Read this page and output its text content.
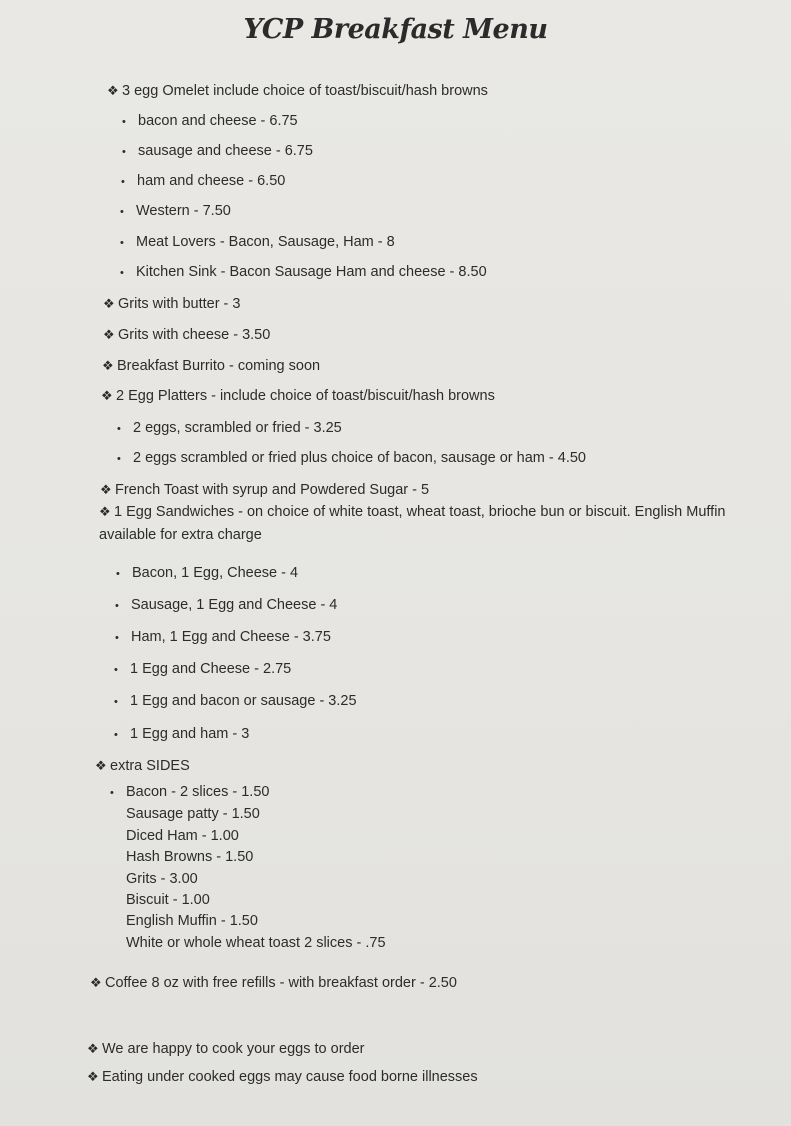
YCP Breakfast Menu
❖ 3 egg Omelet include choice of toast/biscuit/hash browns
• bacon and cheese - 6.75
• sausage and cheese - 6.75
• ham and cheese - 6.50
• Western - 7.50
• Meat Lovers - Bacon, Sausage, Ham - 8
• Kitchen Sink - Bacon Sausage Ham and cheese - 8.50
❖ Grits with butter - 3
❖ Grits with cheese - 3.50
❖ Breakfast Burrito - coming soon
❖ 2 Egg Platters - include choice of toast/biscuit/hash browns
• 2 eggs, scrambled or fried - 3.25
• 2 eggs scrambled or fried plus choice of bacon, sausage or ham - 4.50
❖ French Toast with syrup and Powdered Sugar - 5
❖ 1 Egg Sandwiches - on choice of white toast, wheat toast, brioche bun or biscuit. English Muffin available for extra charge
• Bacon, 1 Egg, Cheese - 4
• Sausage, 1 Egg and Cheese - 4
• Ham, 1 Egg and Cheese - 3.75
• 1 Egg and Cheese - 2.75
• 1 Egg and bacon or sausage - 3.25
• 1 Egg and ham - 3
❖ extra SIDES
• Bacon - 2 slices - 1.50
Sausage patty - 1.50
Diced Ham - 1.00
Hash Browns - 1.50
Grits - 3.00
Biscuit - 1.00
English Muffin - 1.50
White or whole wheat toast 2 slices - .75
❖ Coffee 8 oz with free refills - with breakfast order - 2.50
❖ We are happy to cook your eggs to order
❖ Eating under cooked eggs may cause food borne illnesses
